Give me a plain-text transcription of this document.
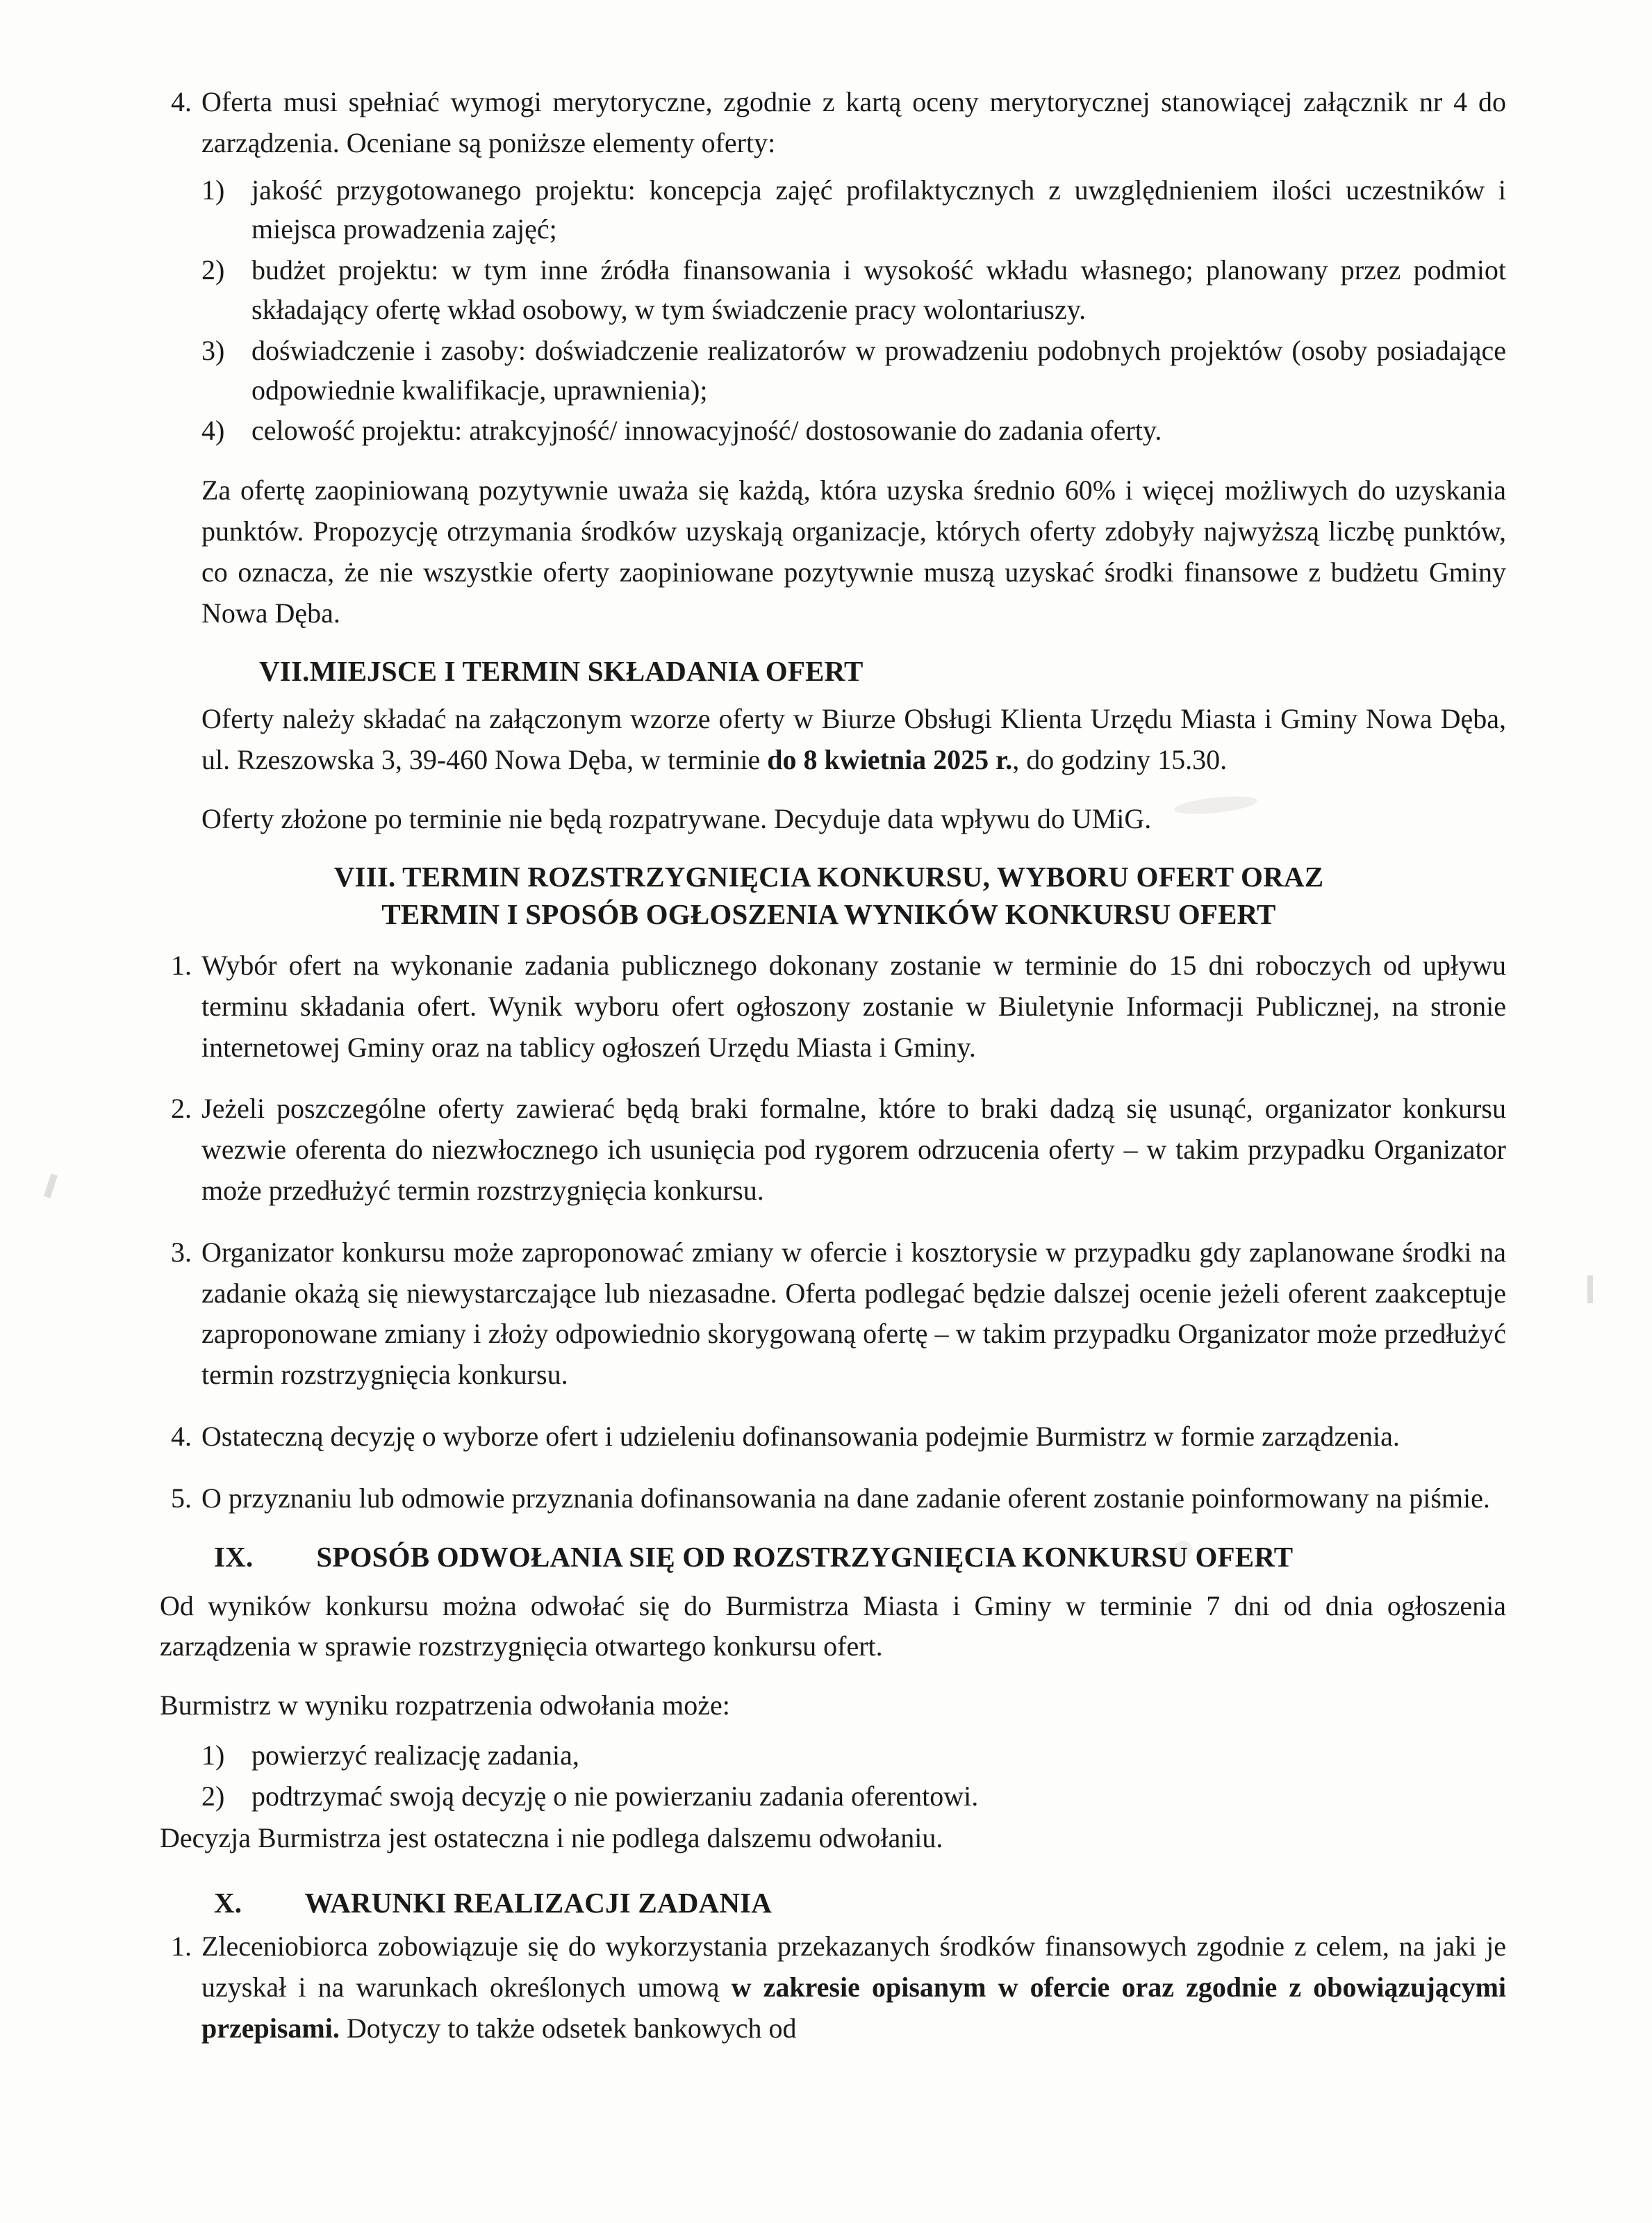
4. Oferta musi spełniać wymogi merytoryczne, zgodnie z kartą oceny merytorycznej stanowiącej załącznik nr 4 do zarządzenia. Oceniane są poniższe elementy oferty:
1) jakość przygotowanego projektu: koncepcja zajęć profilaktycznych z uwzględnieniem ilości uczestników i miejsca prowadzenia zajęć;
2) budżet projektu: w tym inne źródła finansowania i wysokość wkładu własnego; planowany przez podmiot składający ofertę wkład osobowy, w tym świadczenie pracy wolontariuszy.
3) doświadczenie i zasoby: doświadczenie realizatorów w prowadzeniu podobnych projektów (osoby posiadające odpowiednie kwalifikacje, uprawnienia);
4) celowość projektu: atrakcyjność/ innowacyjność/ dostosowanie do zadania oferty.
Za ofertę zaopiniowaną pozytywnie uważa się każdą, która uzyska średnio 60% i więcej możliwych do uzyskania punktów. Propozycję otrzymania środków uzyskają organizacje, których oferty zdobyły najwyższą liczbę punktów, co oznacza, że nie wszystkie oferty zaopiniowane pozytywnie muszą uzyskać środki finansowe z budżetu Gminy Nowa Dęba.
VII.MIEJSCE I TERMIN SKŁADANIA OFERT
Oferty należy składać na załączonym wzorze oferty w Biurze Obsługi Klienta Urzędu Miasta i Gminy Nowa Dęba, ul. Rzeszowska 3, 39-460 Nowa Dęba, w terminie do 8 kwietnia 2025 r., do godziny 15.30.
Oferty złożone po terminie nie będą rozpatrywane. Decyduje data wpływu do UMiG.
VIII. TERMIN ROZSTRZYGNIĘCIA KONKURSU, WYBORU OFERT ORAZ
TERMIN I SPOSÓB OGŁOSZENIA WYNIKÓW KONKURSU OFERT
1. Wybór ofert na wykonanie zadania publicznego dokonany zostanie w terminie do 15 dni roboczych od upływu terminu składania ofert. Wynik wyboru ofert ogłoszony zostanie w Biuletynie Informacji Publicznej, na stronie internetowej Gminy oraz na tablicy ogłoszeń Urzędu Miasta i Gminy.
2. Jeżeli poszczególne oferty zawierać będą braki formalne, które to braki dadzą się usunąć, organizator konkursu wezwie oferenta do niezwłocznego ich usunięcia pod rygorem odrzucenia oferty – w takim przypadku Organizator może przedłużyć termin rozstrzygnięcia konkursu.
3. Organizator konkursu może zaproponować zmiany w ofercie i kosztorysie w przypadku gdy zaplanowane środki na zadanie okażą się niewystarczające lub niezasadne. Oferta podlegać będzie dalszej ocenie jeżeli oferent zaakceptuje zaproponowane zmiany i złoży odpowiednio skorygowaną ofertę – w takim przypadku Organizator może przedłużyć termin rozstrzygnięcia konkursu.
4. Ostateczną decyzję o wyborze ofert i udzieleniu dofinansowania podejmie Burmistrz w formie zarządzenia.
5. O przyznaniu lub odmowie przyznania dofinansowania na dane zadanie oferent zostanie poinformowany na piśmie.
IX. SPOSÓB ODWOŁANIA SIĘ OD ROZSTRZYGNIĘCIA KONKURSU OFERT
Od wyników konkursu można odwołać się do Burmistrza Miasta i Gminy w terminie 7 dni od dnia ogłoszenia zarządzenia w sprawie rozstrzygnięcia otwartego konkursu ofert.
Burmistrz w wyniku rozpatrzenia odwołania może:
1) powierzyć realizację zadania,
2) podtrzymać swoją decyzję o nie powierzaniu zadania oferentowi.
Decyzja Burmistrza jest ostateczna i nie podlega dalszemu odwołaniu.
X. WARUNKI REALIZACJI ZADANIA
1. Zleceniobiorca zobowiązuje się do wykorzystania przekazanych środków finansowych zgodnie z celem, na jaki je uzyskał i na warunkach określonych umową w zakresie opisanym w ofercie oraz zgodnie z obowiązującymi przepisami. Dotyczy to także odsetek bankowych od
